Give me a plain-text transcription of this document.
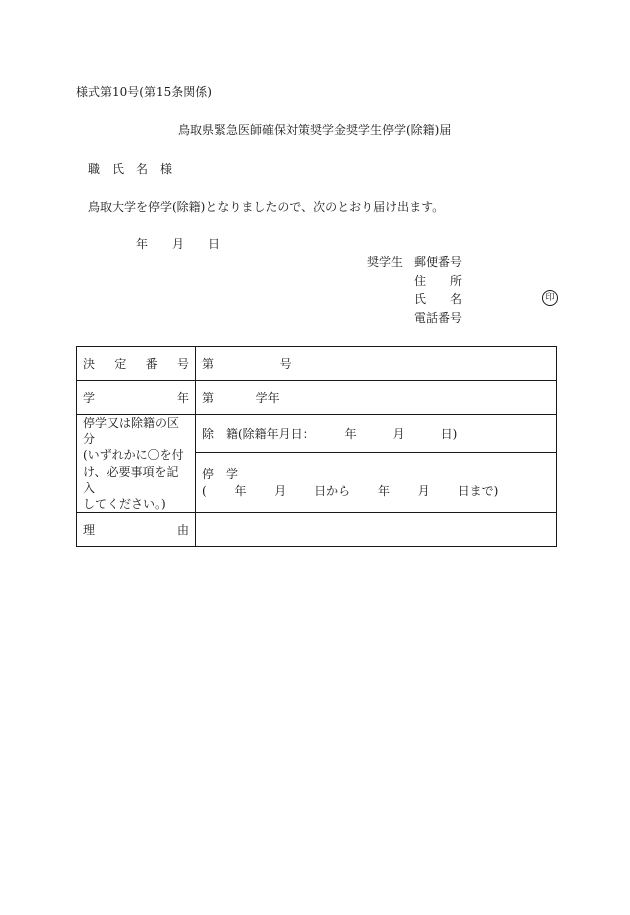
様式第10号(第15条関係)
鳥取県緊急医師確保対策奨学金奨学生停学(除籍)届
職 氏 名 様
鳥取大学を停学(除籍)となりましたので、次のとおり届け出ます。
年 月 日
奨学生 郵便番号
住 所
氏 名	印
電話番号
決 定 番 号	第 号

学 年	第 学年

停学又は除籍の区分
(いずれかに〇を付
け、必要事項を記入
してください。)	除　籍(除籍年月日：　　　年　　　月　　　日)

	停　学
(　　 年　　 月　　 日から　　 年　　 月　　 日まで)

理 由	
